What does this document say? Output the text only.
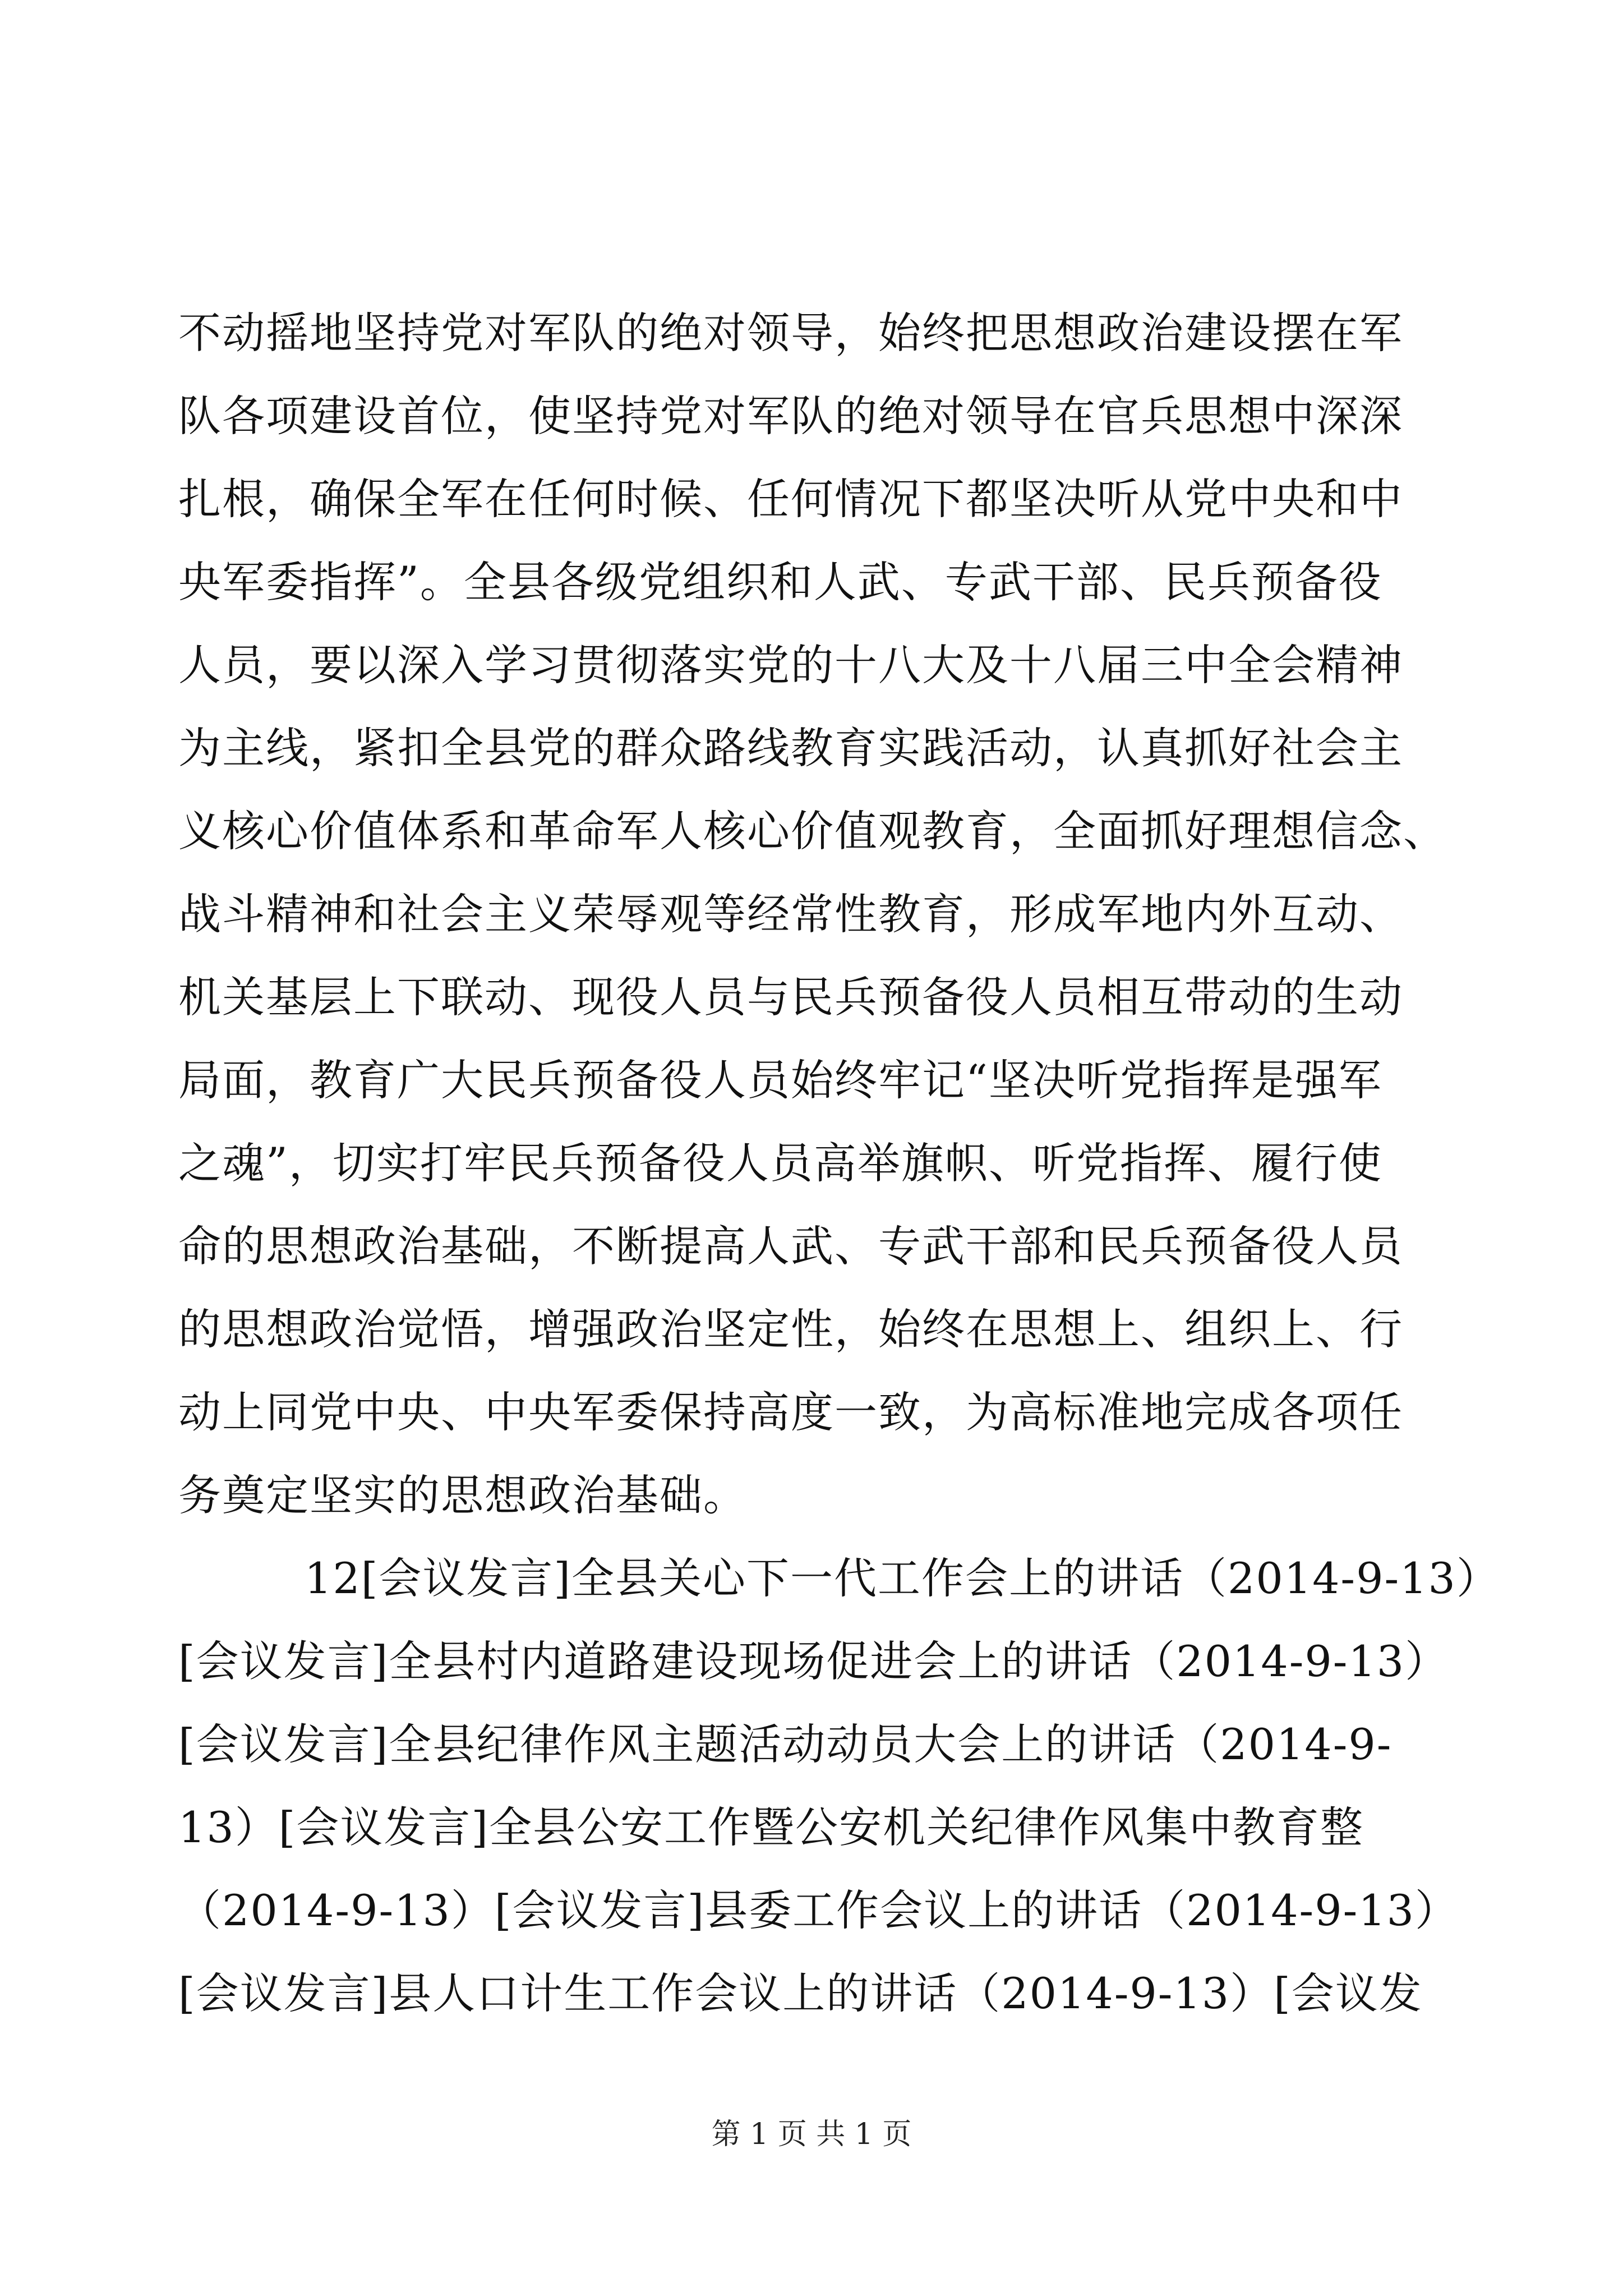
不动摇地坚持党对军队的绝对领导，始终把思想政治建设摆在军
队各项建设首位，使坚持党对军队的绝对领导在官兵思想中深深
扎根，确保全军在任何时候、任何情况下都坚决听从党中央和中
央军委指挥”。全县各级党组织和人武、专武干部、民兵预备役
人员，要以深入学习贯彻落实党的十八大及十八届三中全会精神
为主线，紧扣全县党的群众路线教育实践活动，认真抓好社会主
义核心价值体系和革命军人核心价值观教育，全面抓好理想信念、
战斗精神和社会主义荣辱观等经常性教育，形成军地内外互动、
机关基层上下联动、现役人员与民兵预备役人员相互带动的生动
局面，教育广大民兵预备役人员始终牢记“坚决听党指挥是强军
之魂”，切实打牢民兵预备役人员高举旗帜、听党指挥、履行使
命的思想政治基础，不断提高人武、专武干部和民兵预备役人员
的思想政治觉悟，增强政治坚定性，始终在思想上、组织上、行
动上同党中央、中央军委保持高度一致，为高标准地完成各项任
务奠定坚实的思想政治基础。
12[会议发言]全县关心下一代工作会上的讲话（2014-9-13）
[会议发言]全县村内道路建设现场促进会上的讲话（2014-9-13）
[会议发言]全县纪律作风主题活动动员大会上的讲话（2014-9-
13）[会议发言]全县公安工作暨公安机关纪律作风集中教育整
（2014-9-13）[会议发言]县委工作会议上的讲话（2014-9-13）
[会议发言]县人口计生工作会议上的讲话（2014-9-13）[会议发
第 1 页 共 1 页
